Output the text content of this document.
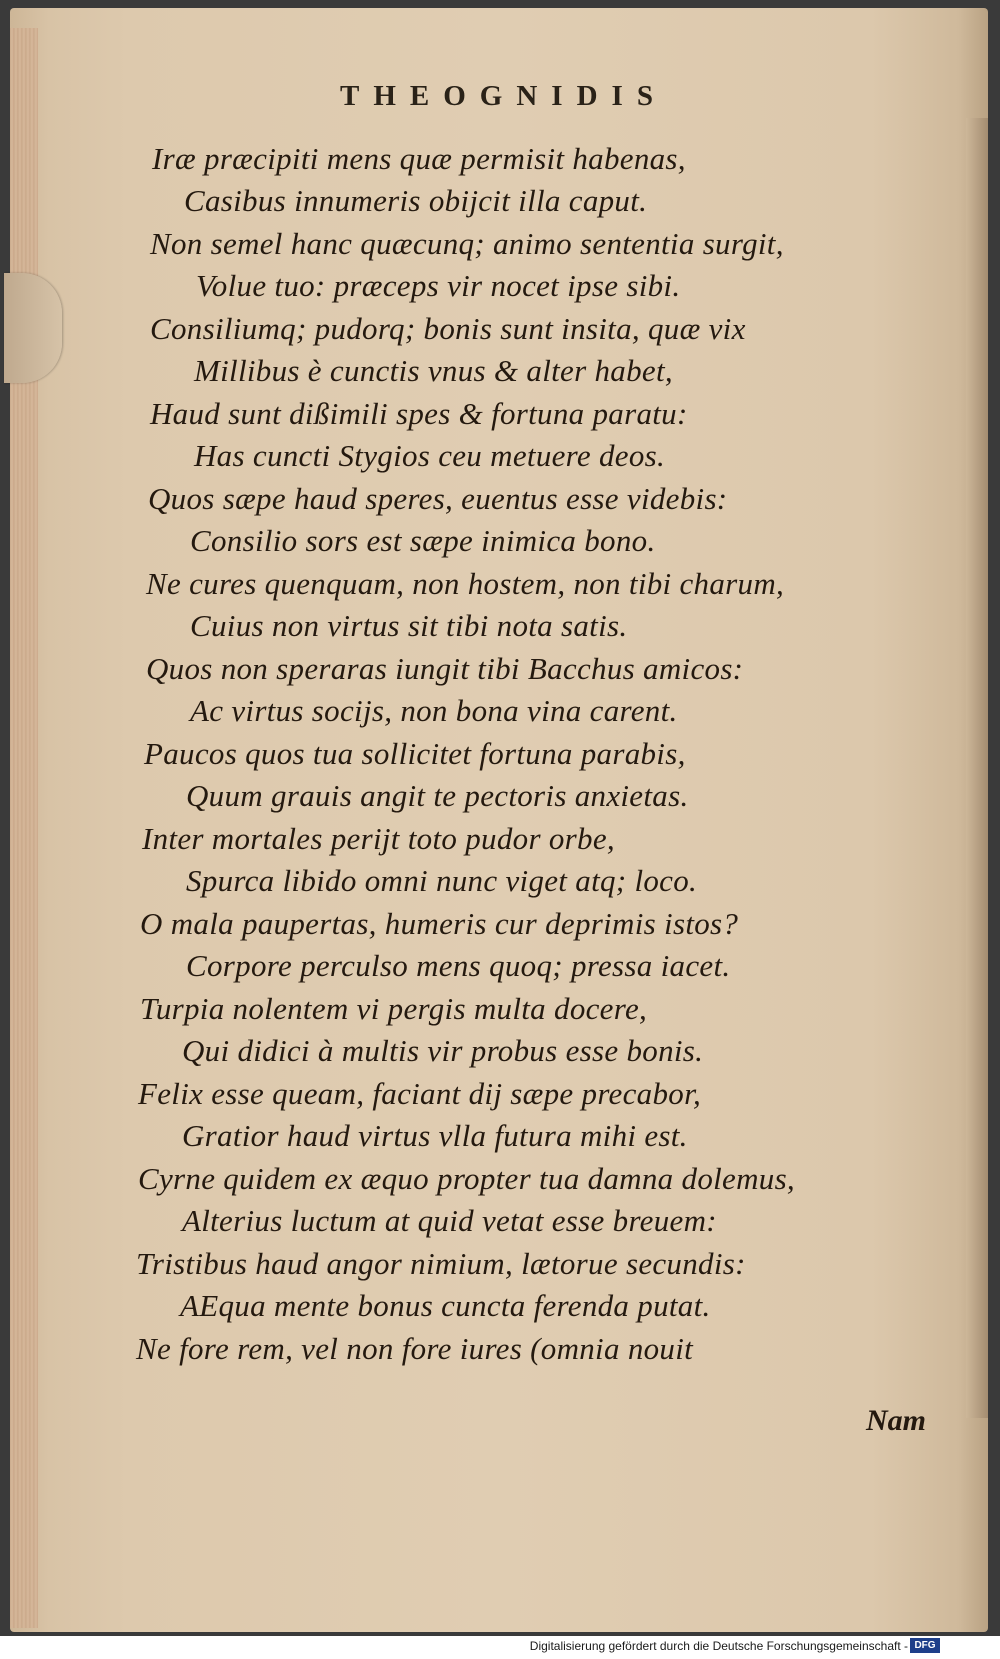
THEOGNIDIS
Iræ præcipiti mens quæ permisit habenas,
Casibus innumeris obijcit illa caput.
Non semel hanc quæcunq; animo sententia surgit,
Volue tuo: præceps vir nocet ipse sibi.
Consiliumq; pudorq; bonis sunt insita, quæ vix
Millibus è cunctis vnus & alter habet,
Haud sunt dißimili spes & fortuna paratu:
Has cuncti Stygios ceu metuere deos.
Quos sæpe haud speres, euentus esse videbis:
Consilio sors est sæpe inimica bono.
Ne cures quenquam, non hostem, non tibi charum,
Cuius non virtus sit tibi nota satis.
Quos non speraras iungit tibi Bacchus amicos:
Ac virtus socijs, non bona vina carent.
Paucos quos tua sollicitet fortuna parabis,
Quum grauis angit te pectoris anxietas.
Inter mortales perijt toto pudor orbe,
Spurca libido omni nunc viget atq; loco.
O mala paupertas, humeris cur deprimis istos?
Corpore perculso mens quoq; pressa iacet.
Turpia nolentem vi pergis multa docere,
Qui didici à multis vir probus esse bonis.
Felix esse queam, faciant dij sæpe precabor,
Gratior haud virtus vlla futura mihi est.
Cyrne quidem ex æquo propter tua damna dolemus,
Alterius luctum at quid vetat esse breuem:
Tristibus haud angor nimium, lætorue secundis:
AEqua mente bonus cuncta ferenda putat.
Ne fore rem, vel non fore iures (omnia nouit
Nam
Digitalisierung gefördert durch die Deutsche Forschungsgemeinschaft - DFG
